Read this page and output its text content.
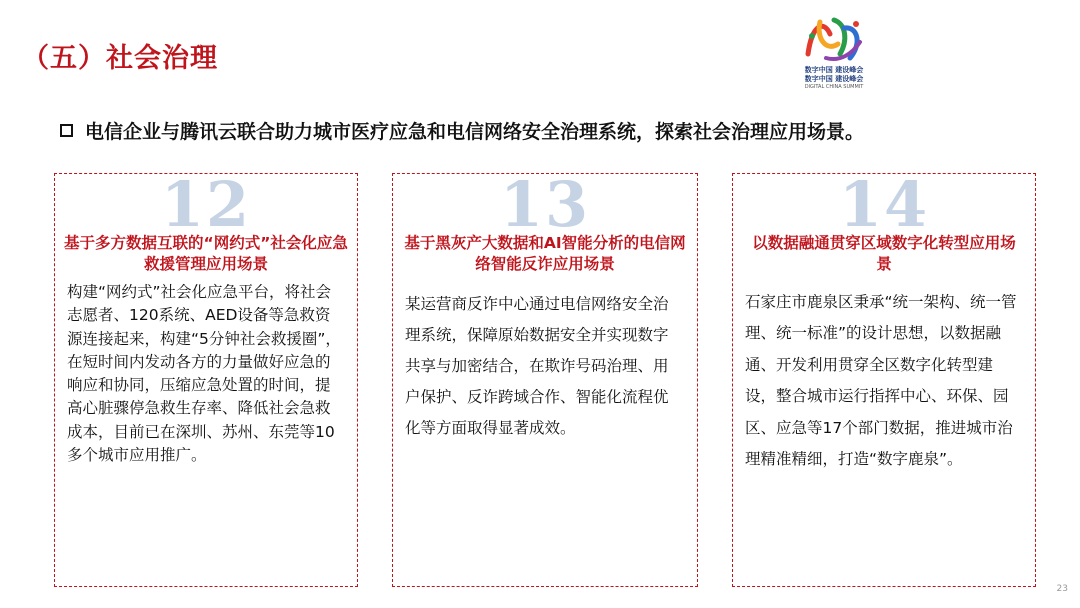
（五）社会治理	数字中国 建设峰会
数字中国 建设峰会
DIGITAL CHINA SUMMIT
电信企业与腾讯云联合助力城市医疗应急和电信网络安全治理系统，探索社会治理应用场景。
12
基于多方数据互联的“网约式”社会化应急救援管理应用场景
构建“网约式”社会化应急平台，将社会志愿者、120系统、AED设备等急救资源连接起来，构建“5分钟社会救援圈”，在短时间内发动各方的力量做好应急的响应和协同，压缩应急处置的时间，提高心脏骤停急救生存率、降低社会急救成本，目前已在深圳、苏州、东莞等10多个城市应用推广。
13
基于黑灰产大数据和AI智能分析的电信网络智能反诈应用场景
某运营商反诈中心通过电信网络安全治理系统，保障原始数据安全并实现数字共享与加密结合，在欺诈号码治理、用户保护、反诈跨域合作、智能化流程优化等方面取得显著成效。
14
以数据融通贯穿区域数字化转型应用场景
石家庄市鹿泉区秉承“统一架构、统一管理、统一标准”的设计思想，以数据融通、开发利用贯穿全区数字化转型建设，整合城市运行指挥中心、环保、园区、应急等17个部门数据，推进城市治理精准精细，打造“数字鹿泉”。
23
